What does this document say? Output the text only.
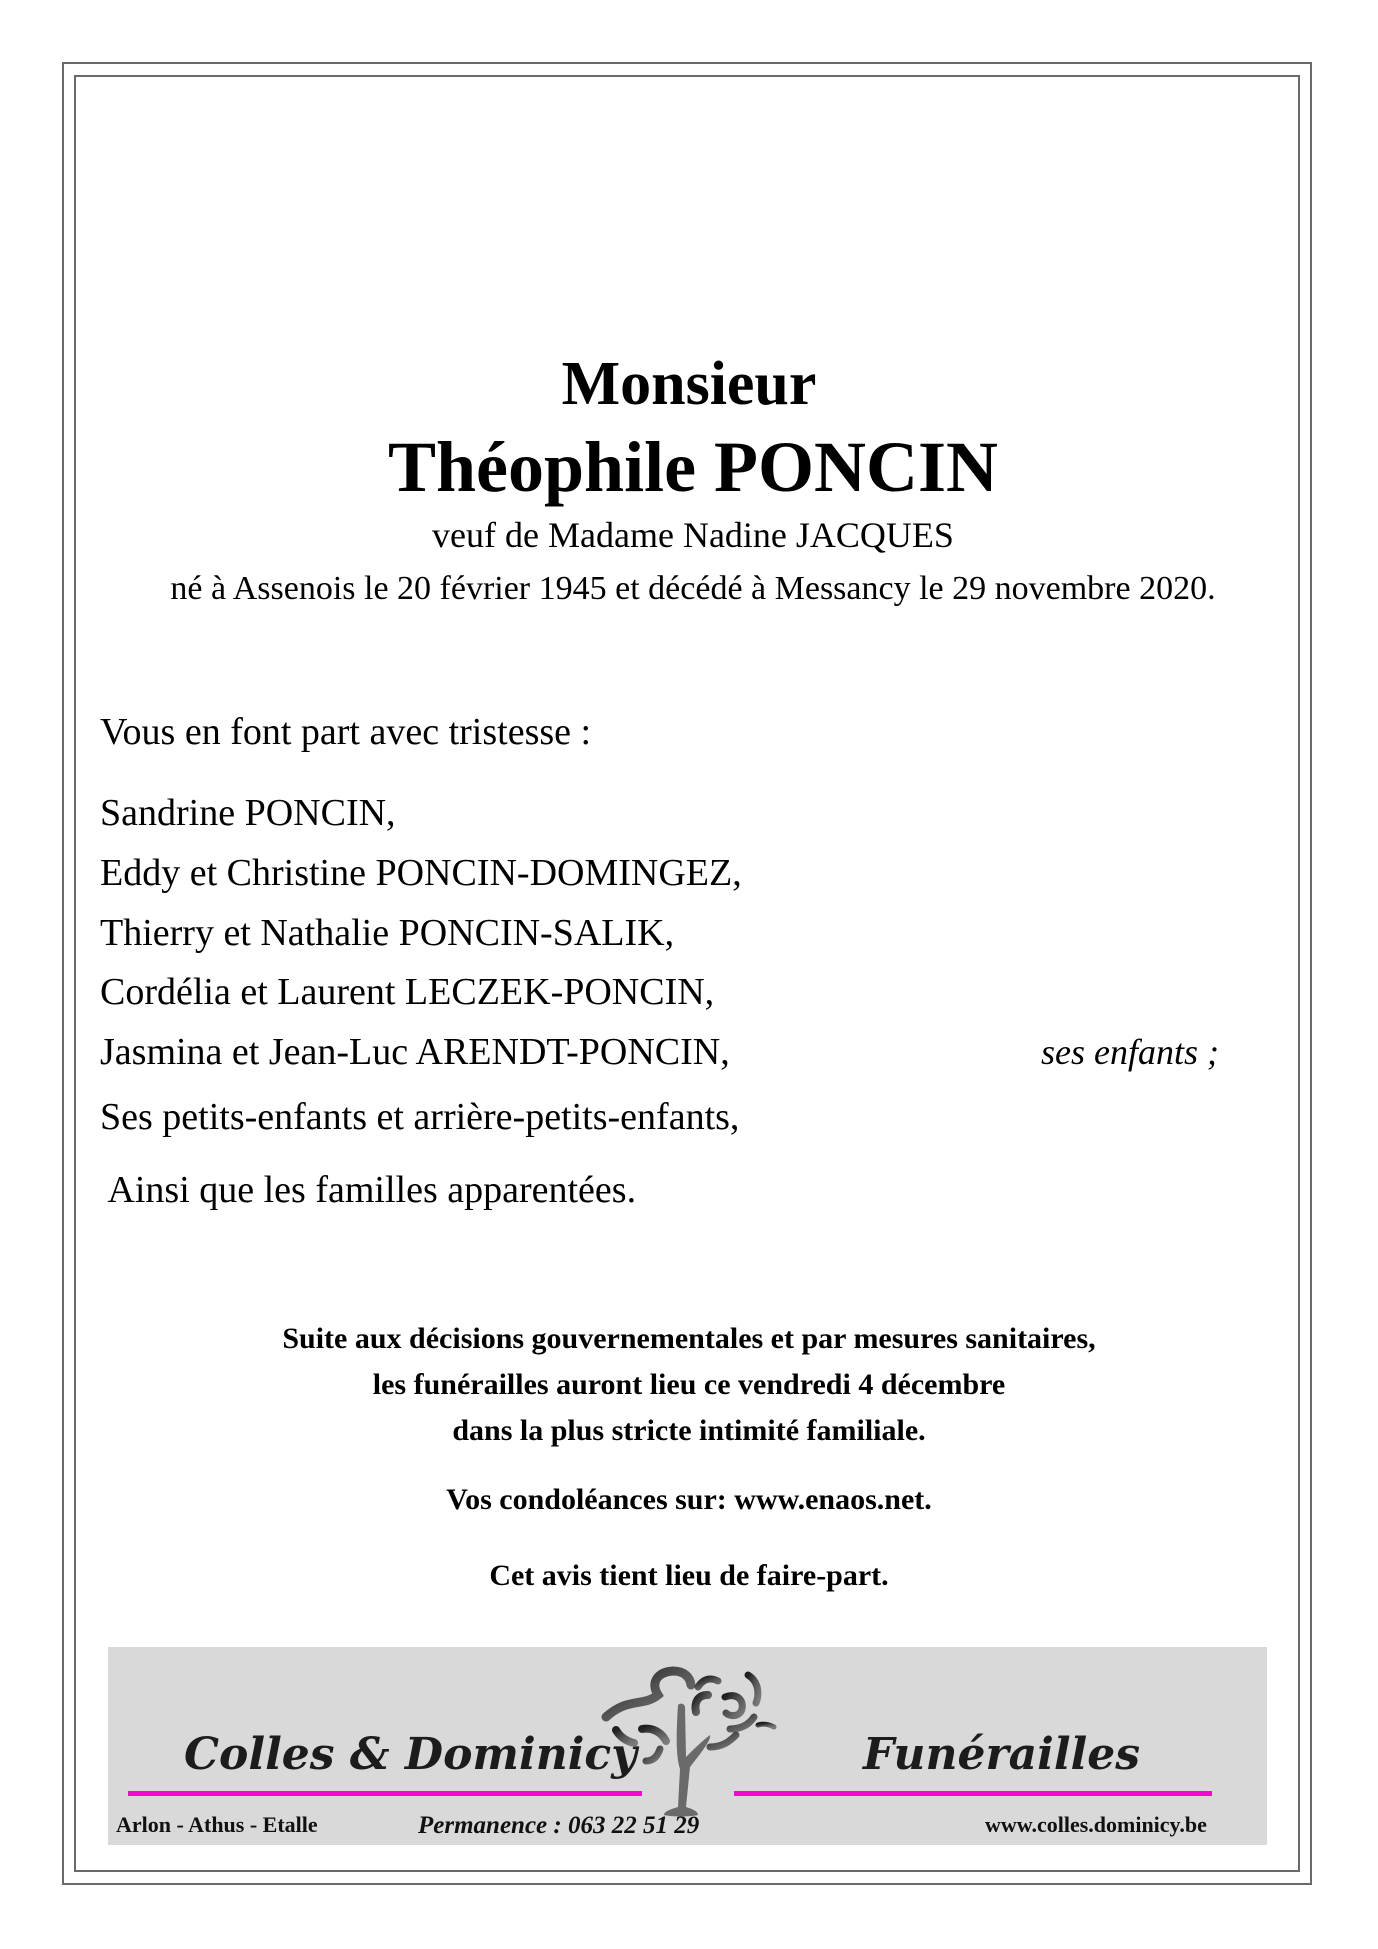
Monsieur
Théophile PONCIN
veuf de Madame Nadine JACQUES
né à Assenois le 20 février 1945 et décédé à Messancy le 29 novembre 2020.
Vous en font part avec tristesse :
Sandrine PONCIN,
Eddy et Christine PONCIN-DOMINGEZ,
Thierry et Nathalie PONCIN-SALIK,
Cordélia et Laurent LECZEK-PONCIN,
Jasmina et Jean-Luc ARENDT-PONCIN,	ses enfants ;
Ses petits-enfants et arrière-petits-enfants,
Ainsi que les familles apparentées.
Suite aux décisions gouvernementales et par mesures sanitaires,
les funérailles auront lieu ce vendredi 4 décembre
dans la plus stricte intimité familiale.
Vos condoléances sur: www.enaos.net.
Cet avis tient lieu de faire-part.
Colles & Dominicy	Funérailles
Arlon - Athus - Etalle	Permanence : 063 22 51 29	www.colles.dominicy.be
